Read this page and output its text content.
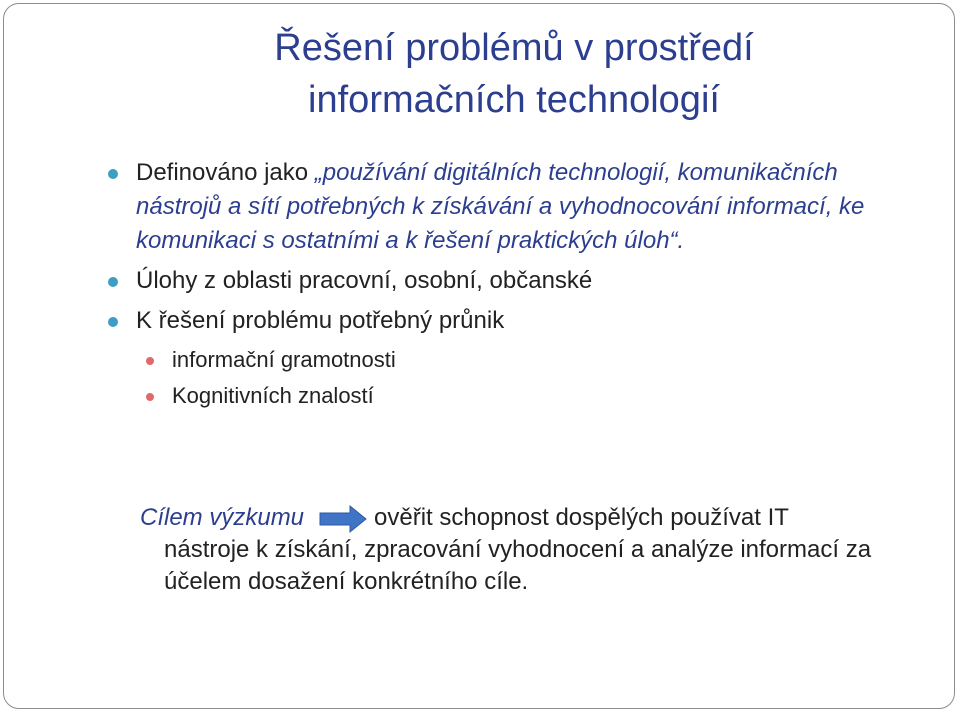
Řešení problémů v prostředí
informačních technologií
Definováno jako „používání digitálních technologií, komunikačních nástrojů a sítí potřebných k získávání a vyhodnocování informací, ke komunikaci s ostatními a k řešení praktických úloh“.
Úlohy z oblasti pracovní, osobní, občanské
K řešení problému potřebný průnik
informační gramotnosti
Kognitivních znalostí
Cílem výzkumu	ověřit schopnost dospělých používat IT
nástroje k získání, zpracování vyhodnocení a analýze informací za účelem dosažení konkrétního cíle.
